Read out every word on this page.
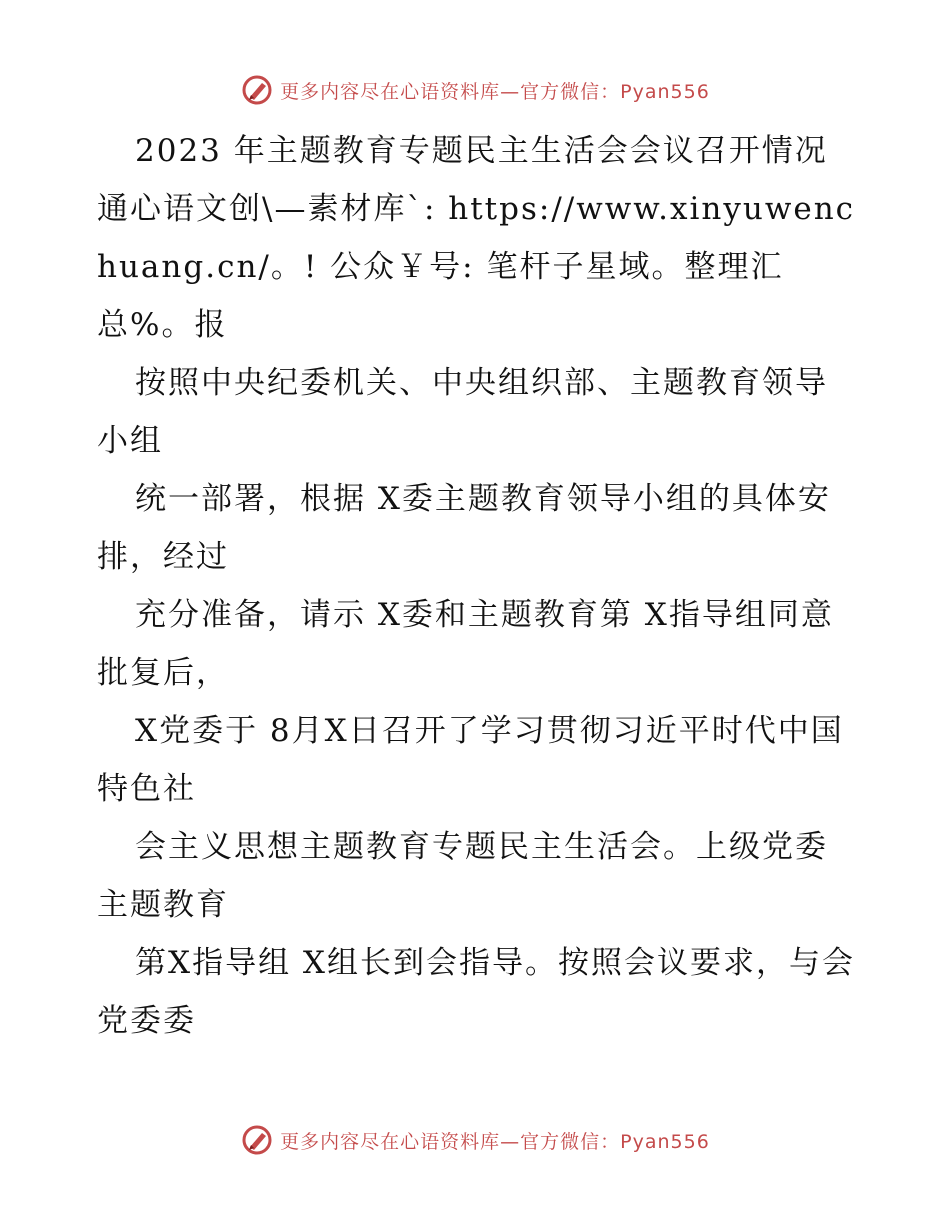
更多内容尽在心语资料库—官方微信：Pyan556

2023 年主题教育专题民主生活会会议召开情况通心语文创\—素材库`: https://www.xinyuwenchuang.cn/。! 公众￥号: 笔杆子星域。整理汇总%。报

按照中央纪委机关、中央组织部、主题教育领导小组

统一部署，根据 X委主题教育领导小组的具体安排，经过

充分准备，请示 X委和主题教育第 X指导组同意批复后，

X党委于 8月X日召开了学习贯彻习近平时代中国特色社

会主义思想主题教育专题民主生活会。上级党委主题教育

第X指导组 X组长到会指导。按照会议要求，与会党委委

更多内容尽在心语资料库—官方微信：Pyan556
